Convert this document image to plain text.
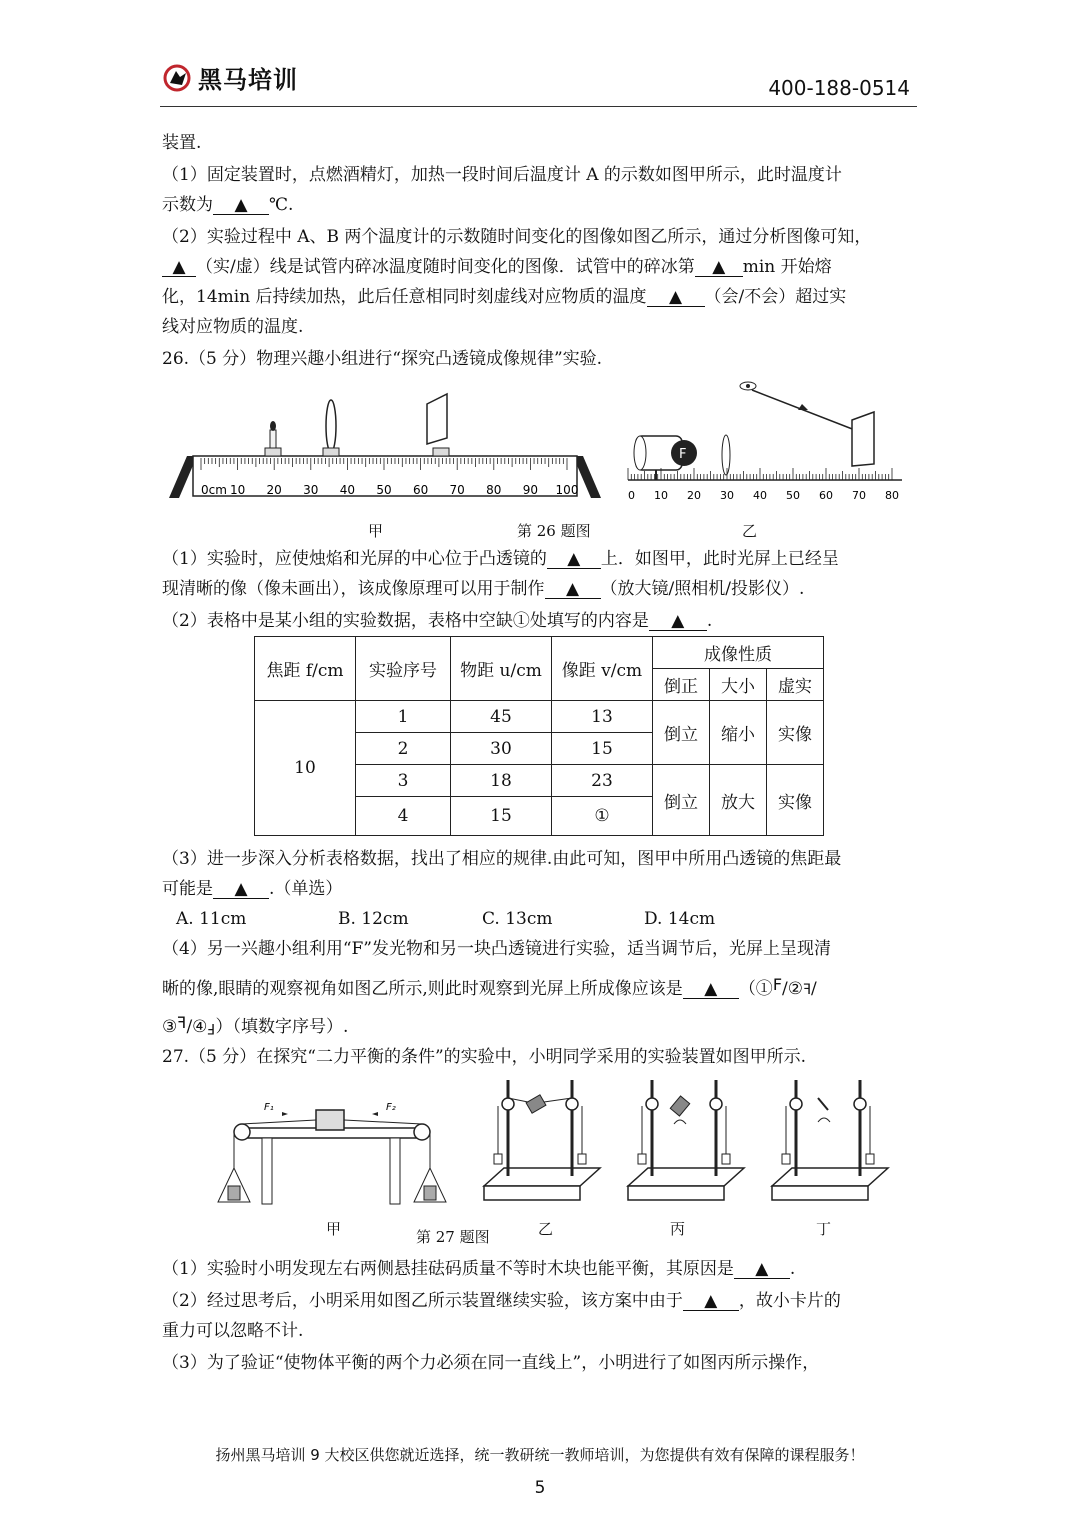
黑马培训	400-188-0514
装置.
（1）固定装置时，点燃酒精灯，加热一段时间后温度计 A 的示数如图甲所示，此时温度计
示数为 ▲ ℃.
（2）实验过程中 A、B 两个温度计的示数随时间变化的图像如图乙所示，通过分析图像可知，
▲ （实/虚）线是试管内碎冰温度随时间变化的图像．试管中的碎冰第 ▲ min 开始熔
化，14min 后持续加热，此后任意相同时刻虚线对应物质的温度 ▲ （会/不会）超过实
线对应物质的温度.
26.（5 分）物理兴趣小组进行“探究凸透镜成像规律”实验.
0cm 10 20 30 40 50 60 70 80 90 100
F
0 10 20 30 40 50 60 70 80
甲	第 26 题图	乙
（1）实验时，应使烛焰和光屏的中心位于凸透镜的 ▲ 上．如图甲，此时光屏上已经呈
现清晰的像（像未画出），该成像原理可以用于制作 ▲ （放大镜/照相机/投影仪）.
（2）表格中是某小组的实验数据，表格中空缺①处填写的内容是 ▲ .
焦距 f/cm	实验序号	物距 u/cm	像距 v/cm	成像性质		
				倒正	大小	虚实
10	1	45	13	倒立	缩小	实像
	2	30	15			
	3	18	23	倒立	放大	实像
	4	15	①			
（3）进一步深入分析表格数据，找出了相应的规律.由此可知，图甲中所用凸透镜的焦距最
可能是 ▲ .（单选）
A. 11cm	B. 12cm	C. 13cm	D. 14cm
（4）另一兴趣小组利用“F”发光物和另一块凸透镜进行实验，适当调节后，光屏上呈现清
晰的像,眼睛的观察视角如图乙所示,则此时观察到光屏上所成像应该是 ▲ （①F/②F/
③F/④F）（填数字序号）.
27.（5 分）在探究“二力平衡的条件”的实验中，小明同学采用的实验装置如图甲所示.
F₁	F₂
甲	第 27 题图	乙	丙	丁
（1）实验时小明发现左右两侧悬挂砝码质量不等时木块也能平衡，其原因是 ▲ .
（2）经过思考后，小明采用如图乙所示装置继续实验，该方案中由于 ▲ ，故小卡片的
重力可以忽略不计.
（3）为了验证“使物体平衡的两个力必须在同一直线上”，小明进行了如图丙所示操作，
扬州黑马培训 9 大校区供您就近选择，统一教研统一教师培训，为您提供有效有保障的课程服务！
5
